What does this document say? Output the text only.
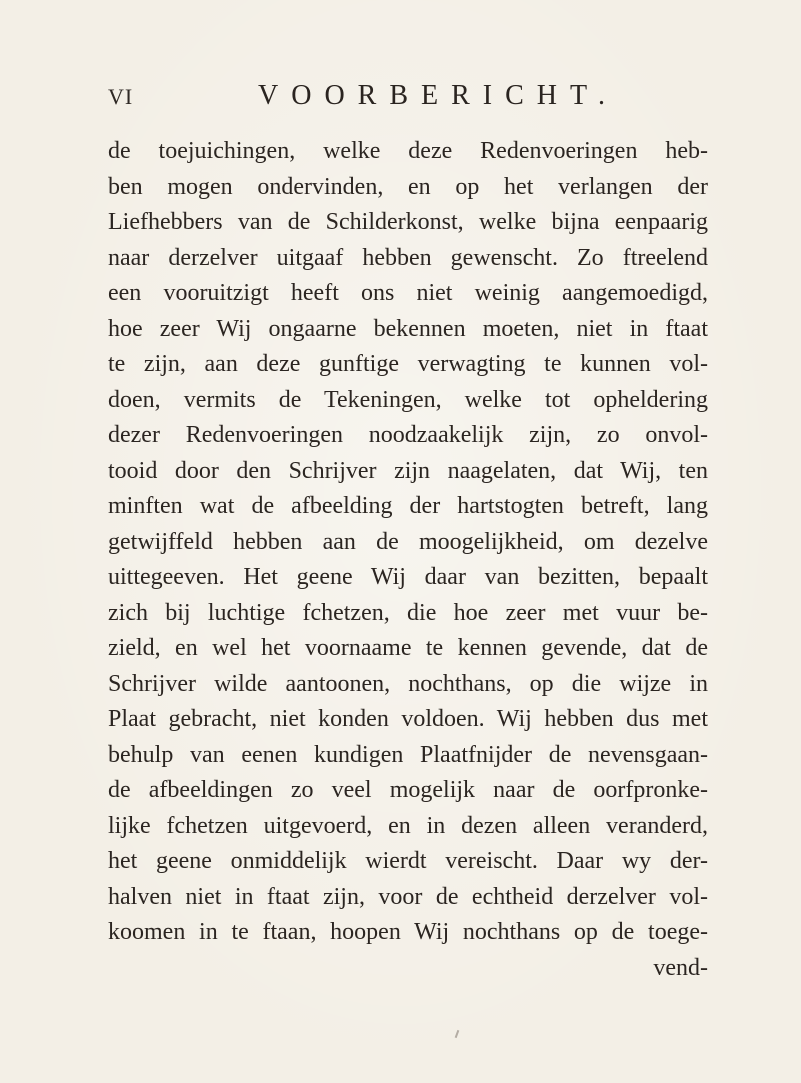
VI	VOORBERICHT.
de toejuichingen, welke deze Redenvoeringen heb-
ben mogen ondervinden, en op het verlangen der
Liefhebbers van de Schilderkonst, welke bijna eenpaarig
naar derzelver uitgaaf hebben gewenscht. Zo ftreelend
een vooruitzigt heeft ons niet weinig aangemoedigd,
hoe zeer Wij ongaarne bekennen moeten, niet in ftaat
te zijn, aan deze gunftige verwagting te kunnen vol-
doen, vermits de Tekeningen, welke tot opheldering
dezer Redenvoeringen noodzaakelijk zijn, zo onvol-
tooid door den Schrijver zijn naagelaten, dat Wij, ten
minften wat de afbeelding der hartstogten betreft, lang
getwijffeld hebben aan de moogelijkheid, om dezelve
uittegeeven. Het geene Wij daar van bezitten, bepaalt
zich bij luchtige fchetzen, die hoe zeer met vuur be-
zield, en wel het voornaame te kennen gevende, dat de
Schrijver wilde aantoonen, nochthans, op die wijze in
Plaat gebracht, niet konden voldoen. Wij hebben dus met
behulp van eenen kundigen Plaatfnijder de nevensgaan-
de afbeeldingen zo veel mogelijk naar de oorfpronke-
lijke fchetzen uitgevoerd, en in dezen alleen veranderd,
het geene onmiddelijk wierdt vereischt. Daar wy der-
halven niet in ftaat zijn, voor de echtheid derzelver vol-
koomen in te ftaan, hoopen Wij nochthans op de toege-
vend-
